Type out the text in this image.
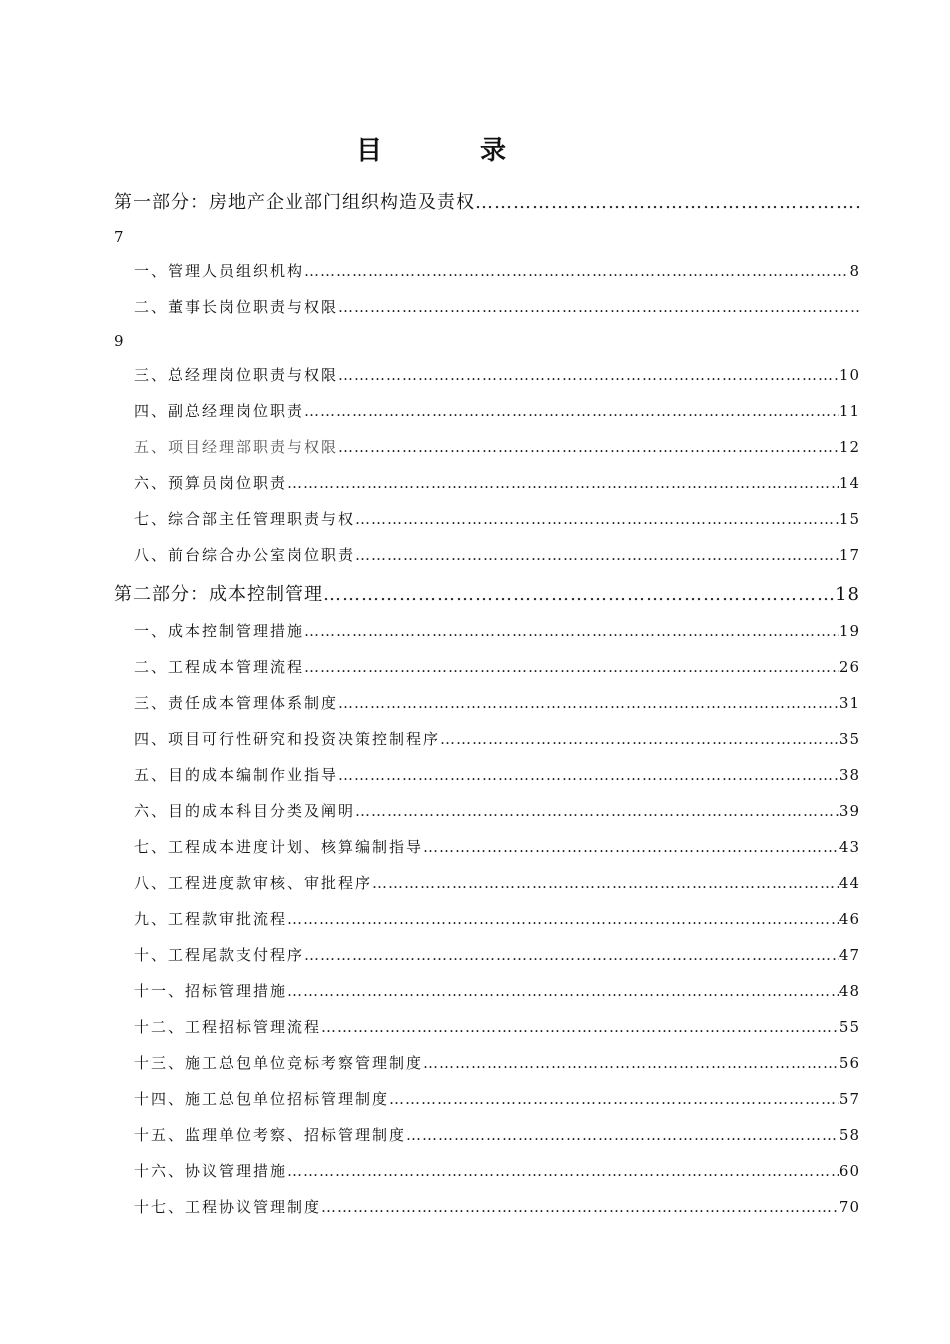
目　录
第一部分：房地产企业部门组织构造及责权
…………………………………………………………………………………………………………………………………………………………………………………………………………………………………………
7
一、管理人员组织机构 …………………………………………………………………………………………………………………………………………………………………………………………………………………………………………	8
二、董事长岗位职责与权限
…………………………………………………………………………………………………………………………………………………………………………………………………………………………………………
9
三、总经理岗位职责与权限 …………………………………………………………………………………………………………………………………………………………………………………………………………………………………………	10
四、副总经理岗位职责 …………………………………………………………………………………………………………………………………………………………………………………………………………………………………………	11
五、项目经理部职责与权限 …………………………………………………………………………………………………………………………………………………………………………………………………………………………………………	12
六、预算员岗位职责 …………………………………………………………………………………………………………………………………………………………………………………………………………………………………………	14
七、综合部主任管理职责与权 …………………………………………………………………………………………………………………………………………………………………………………………………………………………………………	15
八、前台综合办公室岗位职责 …………………………………………………………………………………………………………………………………………………………………………………………………………………………………………	17
第二部分：成本控制管理 …………………………………………………………………………………………………………………………………………………………………………………………………………………………………………	18
一、成本控制管理措施 …………………………………………………………………………………………………………………………………………………………………………………………………………………………………………	19
二、工程成本管理流程 …………………………………………………………………………………………………………………………………………………………………………………………………………………………………………	26
三、责任成本管理体系制度 …………………………………………………………………………………………………………………………………………………………………………………………………………………………………………	31
四、项目可行性研究和投资决策控制程序 …………………………………………………………………………………………………………………………………………………………………………………………………………………………………………	35
五、目的成本编制作业指导 …………………………………………………………………………………………………………………………………………………………………………………………………………………………………………	38
六、目的成本科目分类及阐明 …………………………………………………………………………………………………………………………………………………………………………………………………………………………………………	39
七、工程成本进度计划、核算编制指导 …………………………………………………………………………………………………………………………………………………………………………………………………………………………………………	43
八、工程进度款审核、审批程序 …………………………………………………………………………………………………………………………………………………………………………………………………………………………………………	44
九、工程款审批流程 …………………………………………………………………………………………………………………………………………………………………………………………………………………………………………	46
十、工程尾款支付程序 …………………………………………………………………………………………………………………………………………………………………………………………………………………………………………	47
十一、招标管理措施 …………………………………………………………………………………………………………………………………………………………………………………………………………………………………………	48
十二、工程招标管理流程 …………………………………………………………………………………………………………………………………………………………………………………………………………………………………………	55
十三、施工总包单位竞标考察管理制度 …………………………………………………………………………………………………………………………………………………………………………………………………………………………………………	56
十四、施工总包单位招标管理制度 …………………………………………………………………………………………………………………………………………………………………………………………………………………………………………	57
十五、监理单位考察、招标管理制度 …………………………………………………………………………………………………………………………………………………………………………………………………………………………………………	58
十六、协议管理措施 …………………………………………………………………………………………………………………………………………………………………………………………………………………………………………	60
十七、工程协议管理制度 …………………………………………………………………………………………………………………………………………………………………………………………………………………………………………	70
